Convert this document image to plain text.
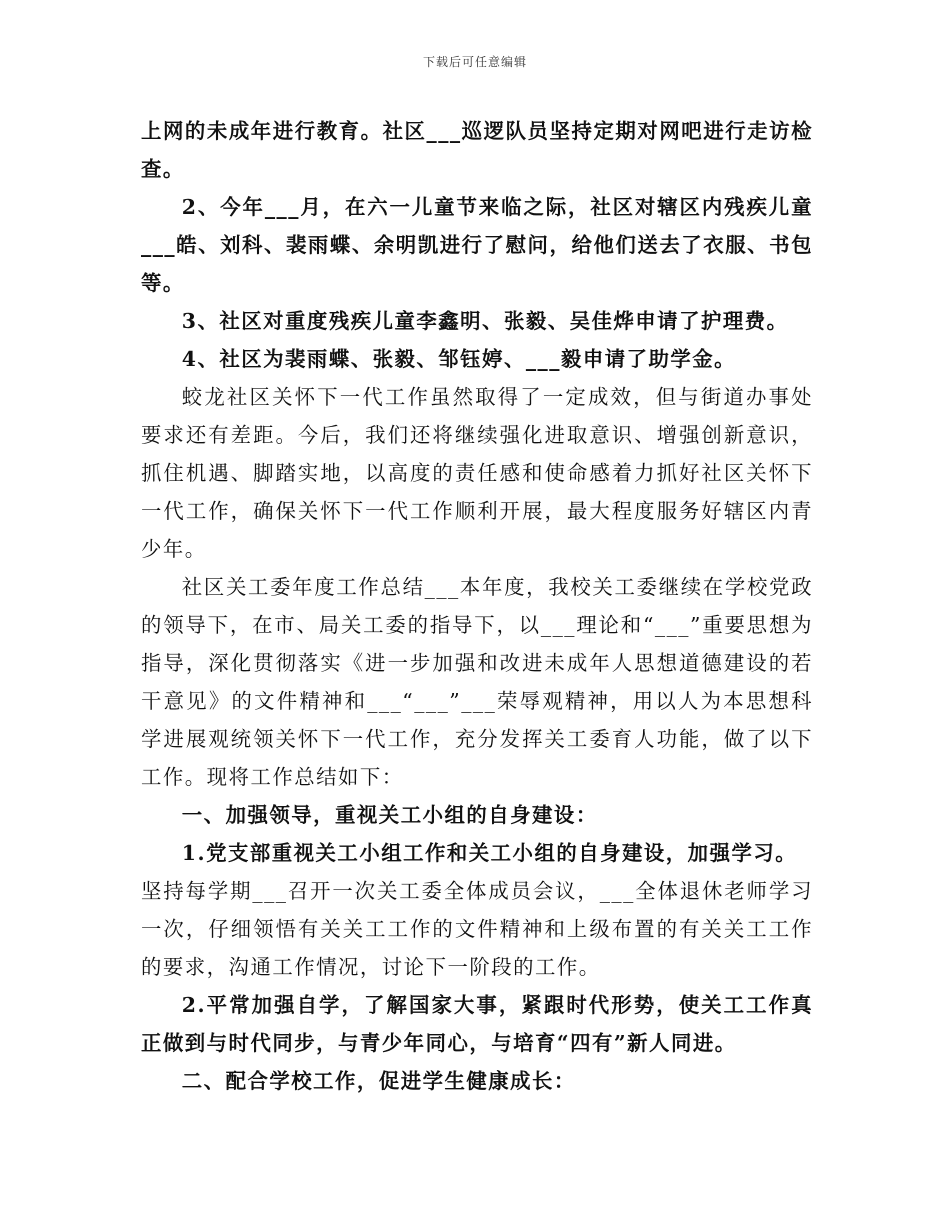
下载后可任意编辑

上网的未成年进行教育。社区___巡逻队员坚持定期对网吧进行走访检查。

2、今年___月，在六一儿童节来临之际，社区对辖区内残疾儿童___皓、刘科、裴雨蝶、余明凯进行了慰问，给他们送去了衣服、书包等。

3、社区对重度残疾儿童李鑫明、张毅、吴佳烨申请了护理费。

4、社区为裴雨蝶、张毅、邹钰婷、___毅申请了助学金。

蛟龙社区关怀下一代工作虽然取得了一定成效，但与街道办事处要求还有差距。今后，我们还将继续强化进取意识、增强创新意识，抓住机遇、脚踏实地，以高度的责任感和使命感着力抓好社区关怀下一代工作，确保关怀下一代工作顺利开展，最大程度服务好辖区内青少年。

社区关工委年度工作总结___本年度，我校关工委继续在学校党政的领导下，在市、局关工委的指导下，以___理论和“___”重要思想为指导，深化贯彻落实《进一步加强和改进未成年人思想道德建设的若干意见》的文件精神和___“___”___荣辱观精神，用以人为本思想科学进展观统领关怀下一代工作，充分发挥关工委育人功能，做了以下工作。现将工作总结如下：

一、加强领导，重视关工小组的自身建设：

1.党支部重视关工小组工作和关工小组的自身建设，加强学习。

坚持每学期___召开一次关工委全体成员会议，___全体退休老师学习一次，仔细领悟有关关工工作的文件精神和上级布置的有关关工工作的要求，沟通工作情况，讨论下一阶段的工作。

2.平常加强自学，了解国家大事，紧跟时代形势，使关工工作真正做到与时代同步，与青少年同心，与培育“四有”新人同进。

二、配合学校工作，促进学生健康成长：
